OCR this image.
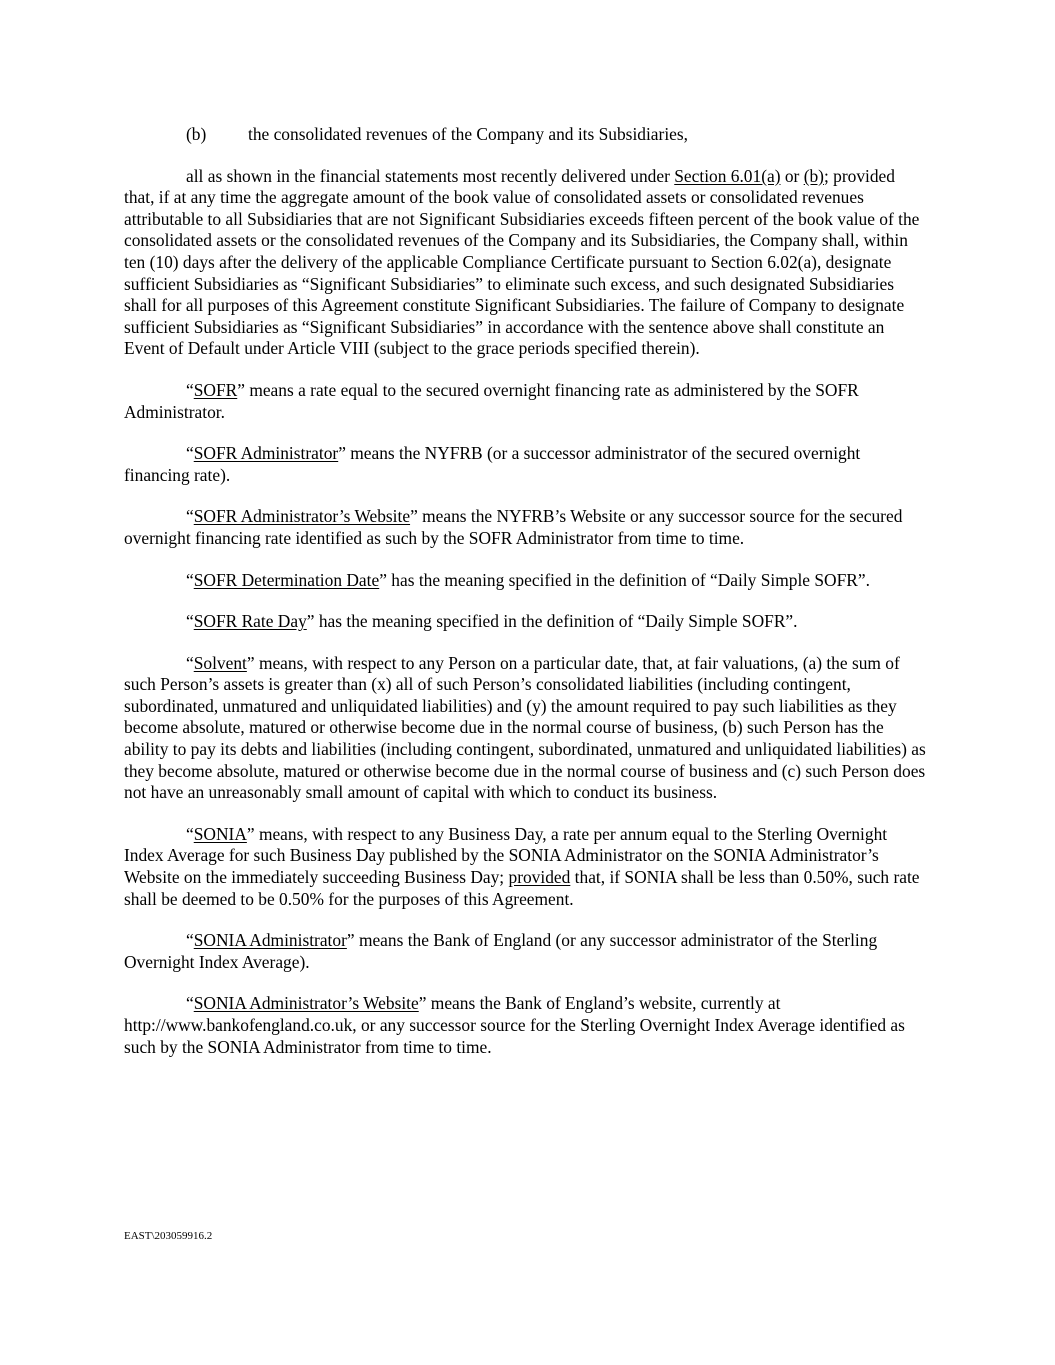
(b) the consolidated revenues of the Company and its Subsidiaries,

all as shown in the financial statements most recently delivered under Section 6.01(a) or (b); provided that, if at any time the aggregate amount of the book value of consolidated assets or consolidated revenues attributable to all Subsidiaries that are not Significant Subsidiaries exceeds fifteen percent of the book value of the consolidated assets or the consolidated revenues of the Company and its Subsidiaries, the Company shall, within ten (10) days after the delivery of the applicable Compliance Certificate pursuant to Section 6.02(a), designate sufficient Subsidiaries as “Significant Subsidiaries” to eliminate such excess, and such designated Subsidiaries shall for all purposes of this Agreement constitute Significant Subsidiaries. The failure of Company to designate sufficient Subsidiaries as “Significant Subsidiaries” in accordance with the sentence above shall constitute an Event of Default under Article VIII (subject to the grace periods specified therein).

“SOFR” means a rate equal to the secured overnight financing rate as administered by the SOFR Administrator.

“SOFR Administrator” means the NYFRB (or a successor administrator of the secured overnight financing rate).

“SOFR Administrator’s Website” means the NYFRB’s Website or any successor source for the secured overnight financing rate identified as such by the SOFR Administrator from time to time.

“SOFR Determination Date” has the meaning specified in the definition of “Daily Simple SOFR”.

“SOFR Rate Day” has the meaning specified in the definition of “Daily Simple SOFR”.

“Solvent” means, with respect to any Person on a particular date, that, at fair valuations, (a) the sum of such Person’s assets is greater than (x) all of such Person’s consolidated liabilities (including contingent, subordinated, unmatured and unliquidated liabilities) and (y) the amount required to pay such liabilities as they become absolute, matured or otherwise become due in the normal course of business, (b) such Person has the ability to pay its debts and liabilities (including contingent, subordinated, unmatured and unliquidated liabilities) as they become absolute, matured or otherwise become due in the normal course of business and (c) such Person does not have an unreasonably small amount of capital with which to conduct its business.

“SONIA” means, with respect to any Business Day, a rate per annum equal to the Sterling Overnight Index Average for such Business Day published by the SONIA Administrator on the SONIA Administrator’s Website on the immediately succeeding Business Day; provided that, if SONIA shall be less than 0.50%, such rate shall be deemed to be 0.50% for the purposes of this Agreement.

“SONIA Administrator” means the Bank of England (or any successor administrator of the Sterling Overnight Index Average).

“SONIA Administrator’s Website” means the Bank of England’s website, currently at http://www.bankofengland.co.uk, or any successor source for the Sterling Overnight Index Average identified as such by the SONIA Administrator from time to time.

EAST\203059916.2
